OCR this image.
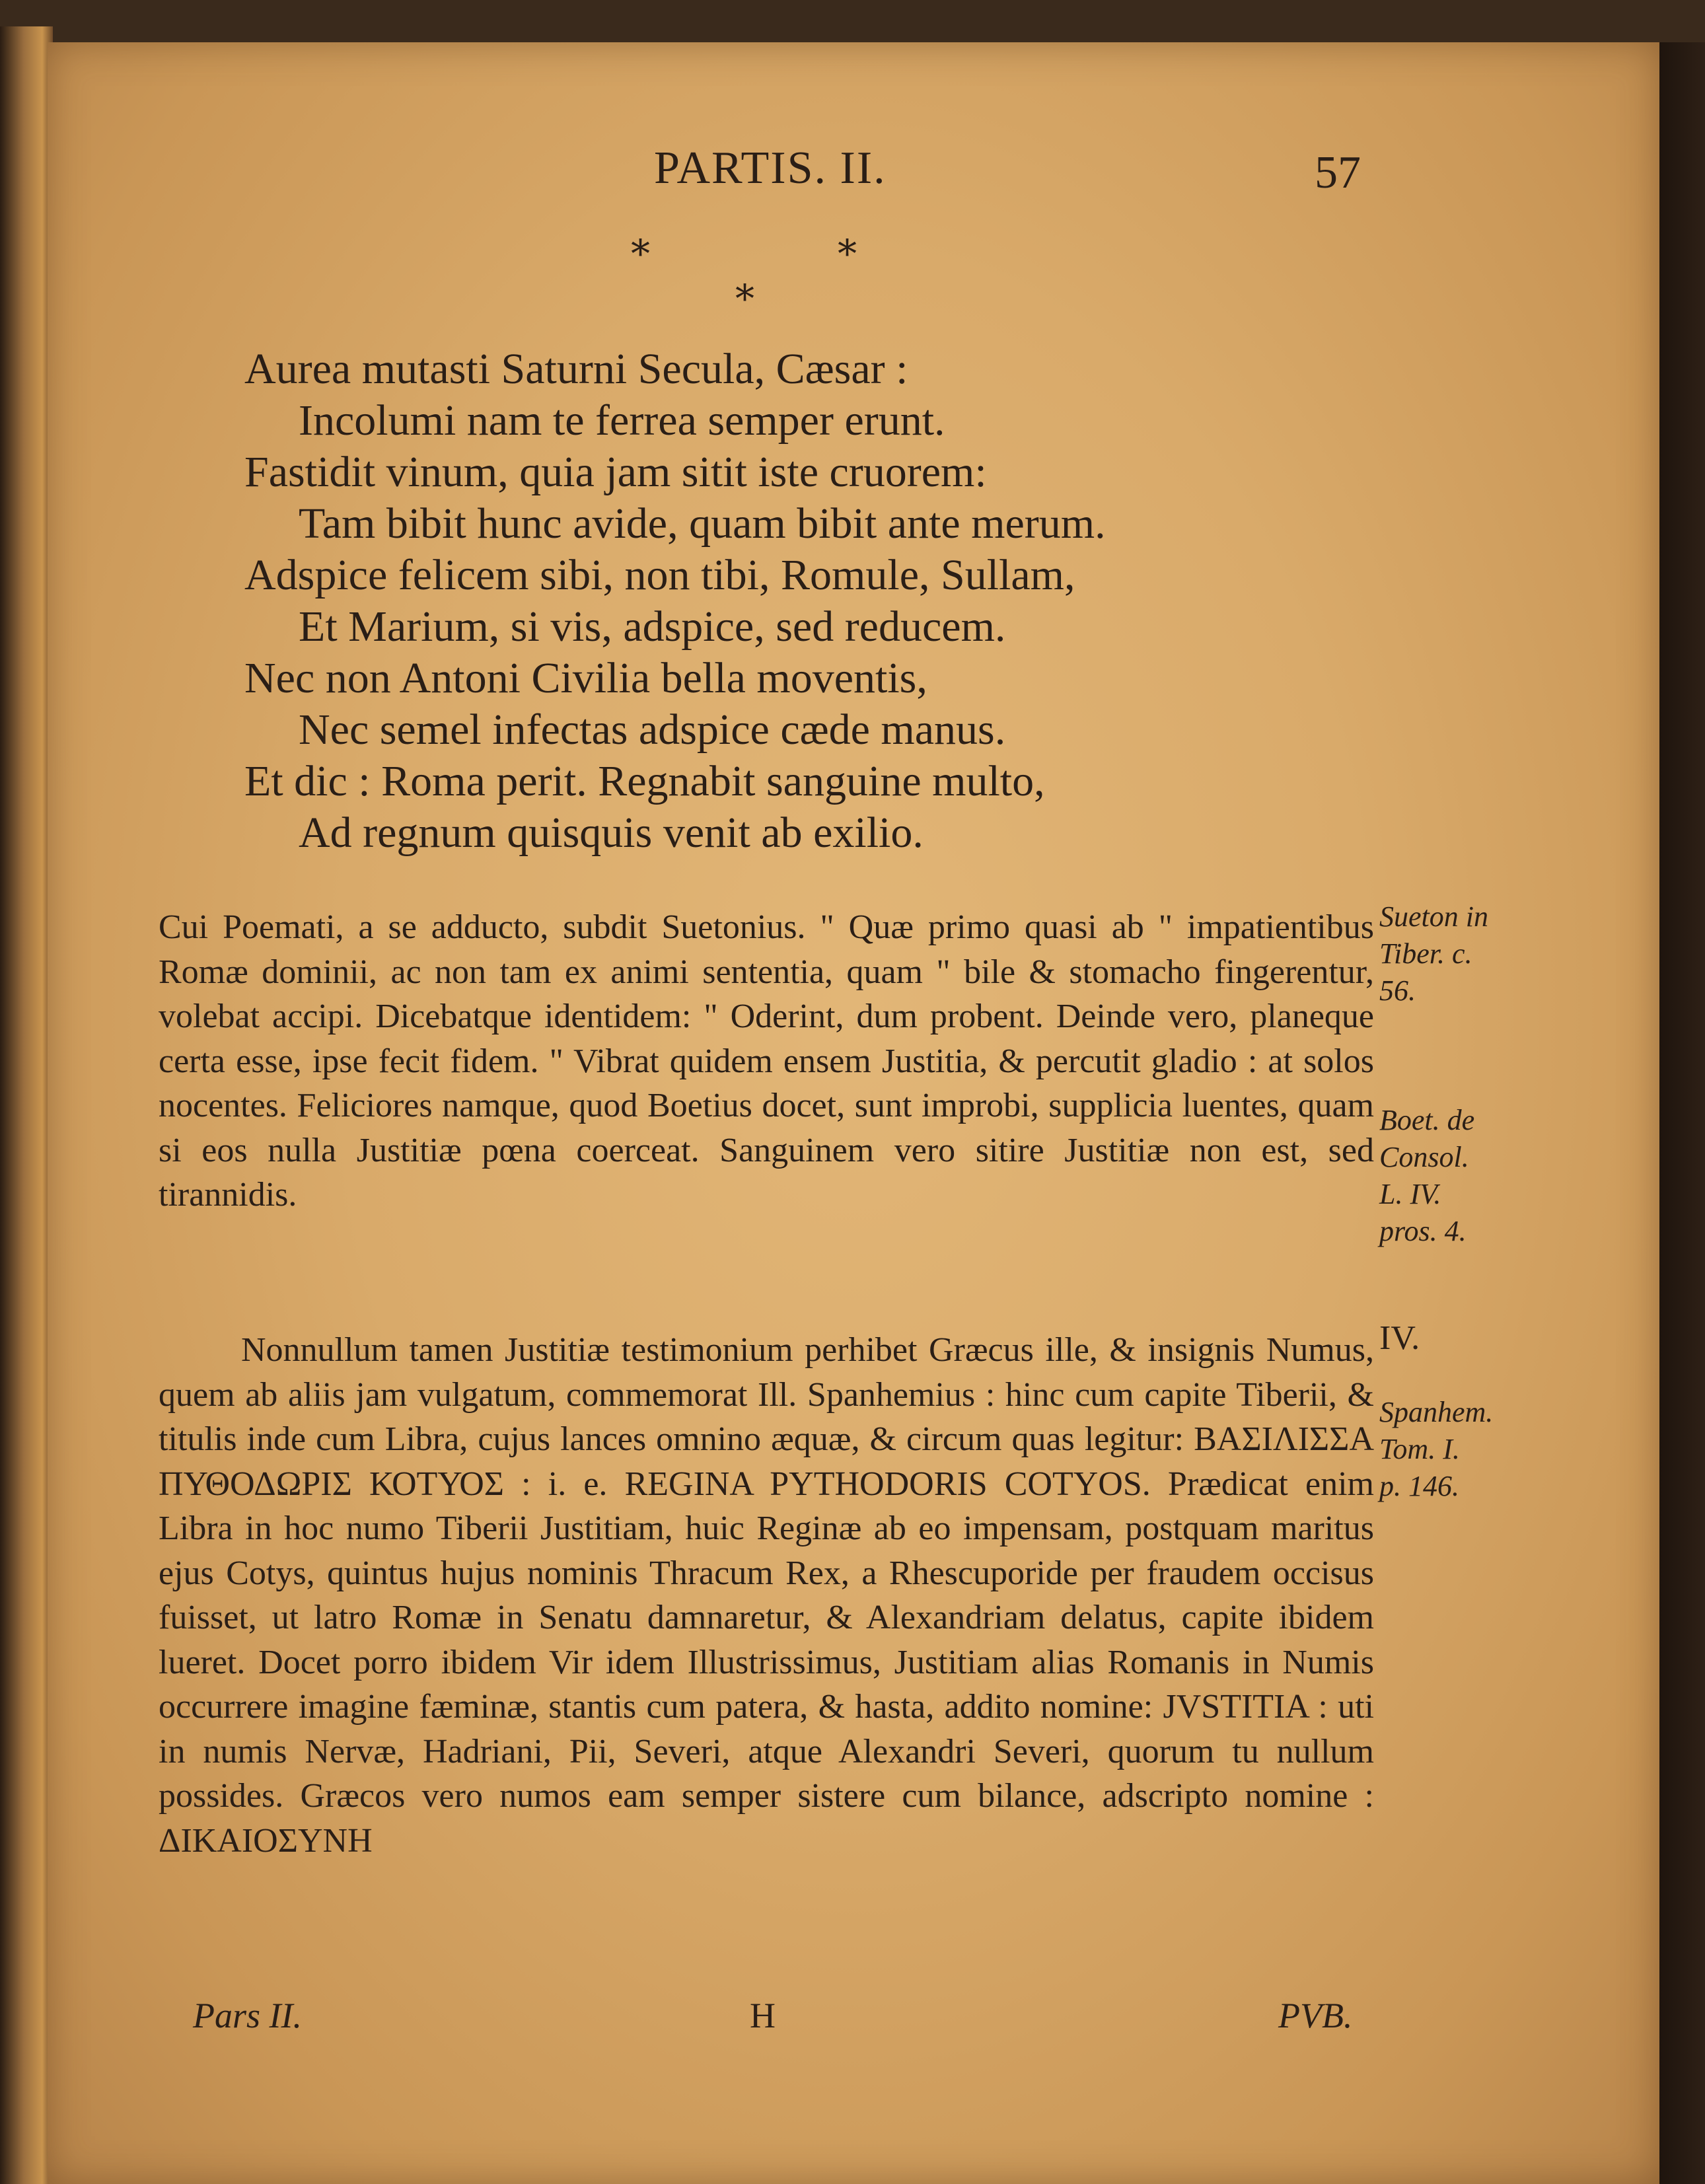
PARTIS. II.	57
*	*
*
Aurea mutasti Saturni Secula, Cæsar :
Incolumi nam te ferrea semper erunt.
Fastidit vinum, quia jam sitit iste cruorem:
Tam bibit hunc avide, quam bibit ante merum.
Adspice felicem sibi, non tibi, Romule, Sullam,
Et Marium, si vis, adspice, sed reducem.
Nec non Antoni Civilia bella moventis,
Nec semel infectas adspice cæde manus.
Et dic : Roma perit. Regnabit sanguine multo,
Ad regnum quisquis venit ab exilio.

Cui Poemati, a se adducto, subdit Suetonius. " Quæ primo quasi ab " impatientibus Romæ dominii, ac non tam ex animi sententia, quam " bile & stomacho fingerentur, volebat accipi. Dicebatque identidem: " Oderint, dum probent. Deinde vero, planeque certa esse, ipse fecit fidem. " Vibrat quidem ensem Justitia, & percutit gladio : at solos nocentes. Feliciores namque, quod Boetius docet, sunt improbi, supplicia luentes, quam si eos nulla Justitiæ pœna coerceat. Sanguinem vero sitire Justitiæ non est, sed tirannidis.

Nonnullum tamen Justitiæ testimonium perhibet Græcus ille, & insignis Numus, quem ab aliis jam vulgatum, commemorat Ill. Spanhemius : hinc cum capite Tiberii, & titulis inde cum Libra, cujus lances omnino æquæ, & circum quas legitur: ΒΑΣΙΛΙΣΣΑ ΠΥΘΟΔΩΡΙΣ ΚΟΤΥΟΣ : i. e. REGINA PYTHODORIS COTYOS. Prædicat enim Libra in hoc numo Tiberii Justitiam, huic Reginæ ab eo impensam, postquam maritus ejus Cotys, quintus hujus nominis Thracum Rex, a Rhescuporide per fraudem occisus fuisset, ut latro Romæ in Senatu damnaretur, & Alexandriam delatus, capite ibidem lueret. Docet porro ibidem Vir idem Illustrissimus, Justitiam alias Romanis in Numis occurrere imagine fæminæ, stantis cum patera, & hasta, addito nomine: JVSTITIA : uti in numis Nervæ, Hadriani, Pii, Severi, atque Alexandri Severi, quorum tu nullum possides. Græcos vero numos eam semper sistere cum bilance, adscripto nomine : ΔΙΚΑΙΟΣΥΝΗ

Sueton in
Tiber. c.
56.
Boet. de
Consol.
L. IV.
pros. 4.
IV.
Spanhem.
Tom. I.
p. 146.
Pars II.	H	PVB.
